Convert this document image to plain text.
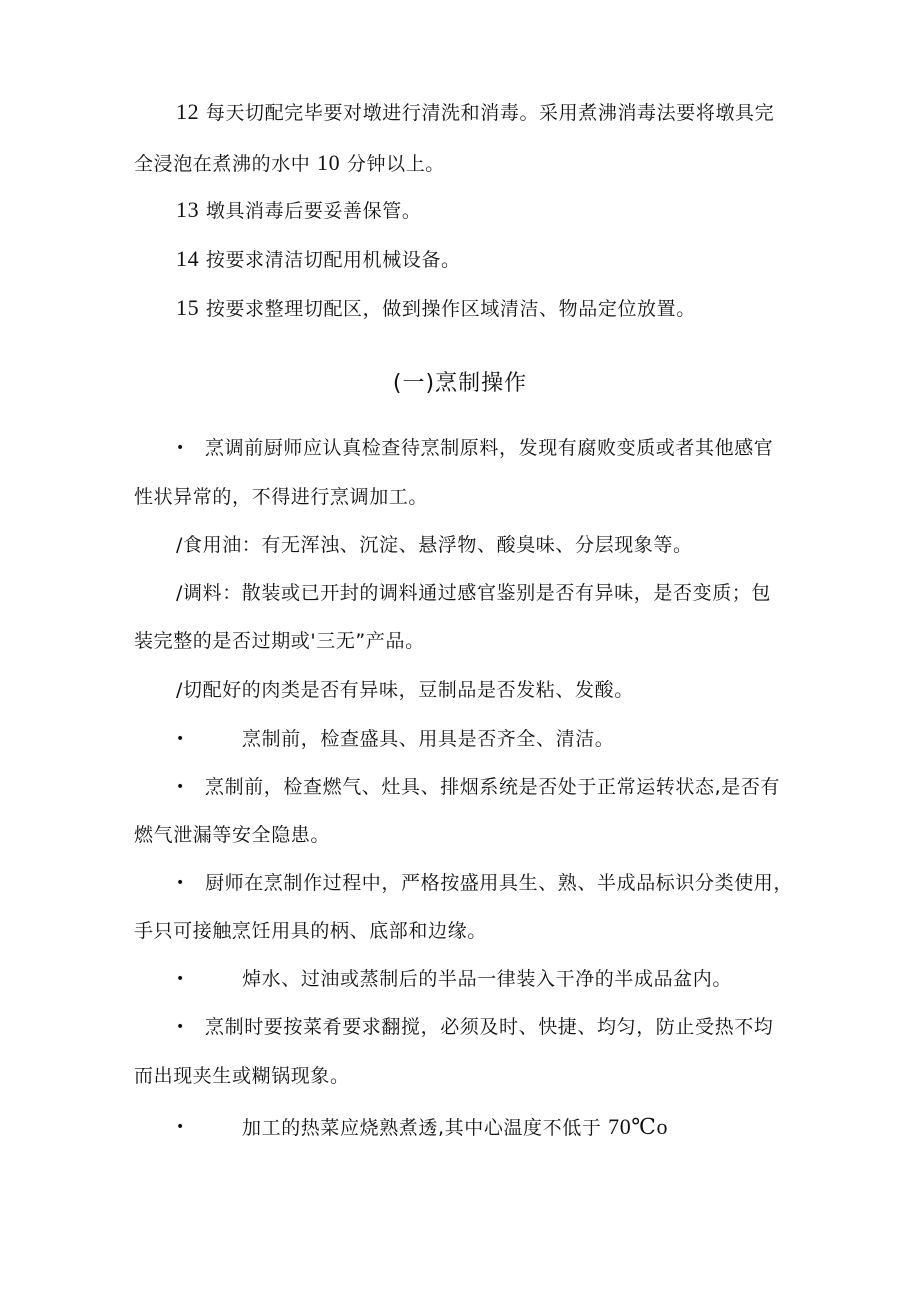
12 每天切配完毕要对墩进行清洗和消毒。采用煮沸消毒法要将墩具完
全浸泡在煮沸的水中 10 分钟以上。
13 墩具消毒后要妥善保管。
14 按要求清洁切配用机械设备。
15 按要求整理切配区，做到操作区域清洁、物品定位放置。
(一)烹制操作
• 烹调前厨师应认真检查待烹制原料，发现有腐败变质或者其他感官
性状异常的，不得进行烹调加工。
/食用油：有无浑浊、沉淀、悬浮物、酸臭味、分层现象等。
/调料：散装或已开封的调料通过感官鉴别是否有异味，是否变质；包
装完整的是否过期或'三无”产品。
/切配好的肉类是否有异味，豆制品是否发粘、发酸。
•	烹制前，检查盛具、用具是否齐全、清洁。
• 烹制前，检查燃气、灶具、排烟系统是否处于正常运转状态,是否有
燃气泄漏等安全隐患。
• 厨师在烹制作过程中，严格按盛用具生、熟、半成品标识分类使用，
手只可接触烹饪用具的柄、底部和边缘。
•	焯水、过油或蒸制后的半品一律装入干净的半成品盆内。
• 烹制时要按菜肴要求翻搅，必须及时、快捷、均匀，防止受热不均
而出现夹生或糊锅现象。
•	加工的热菜应烧熟煮透,其中心温度不低于 70℃o
